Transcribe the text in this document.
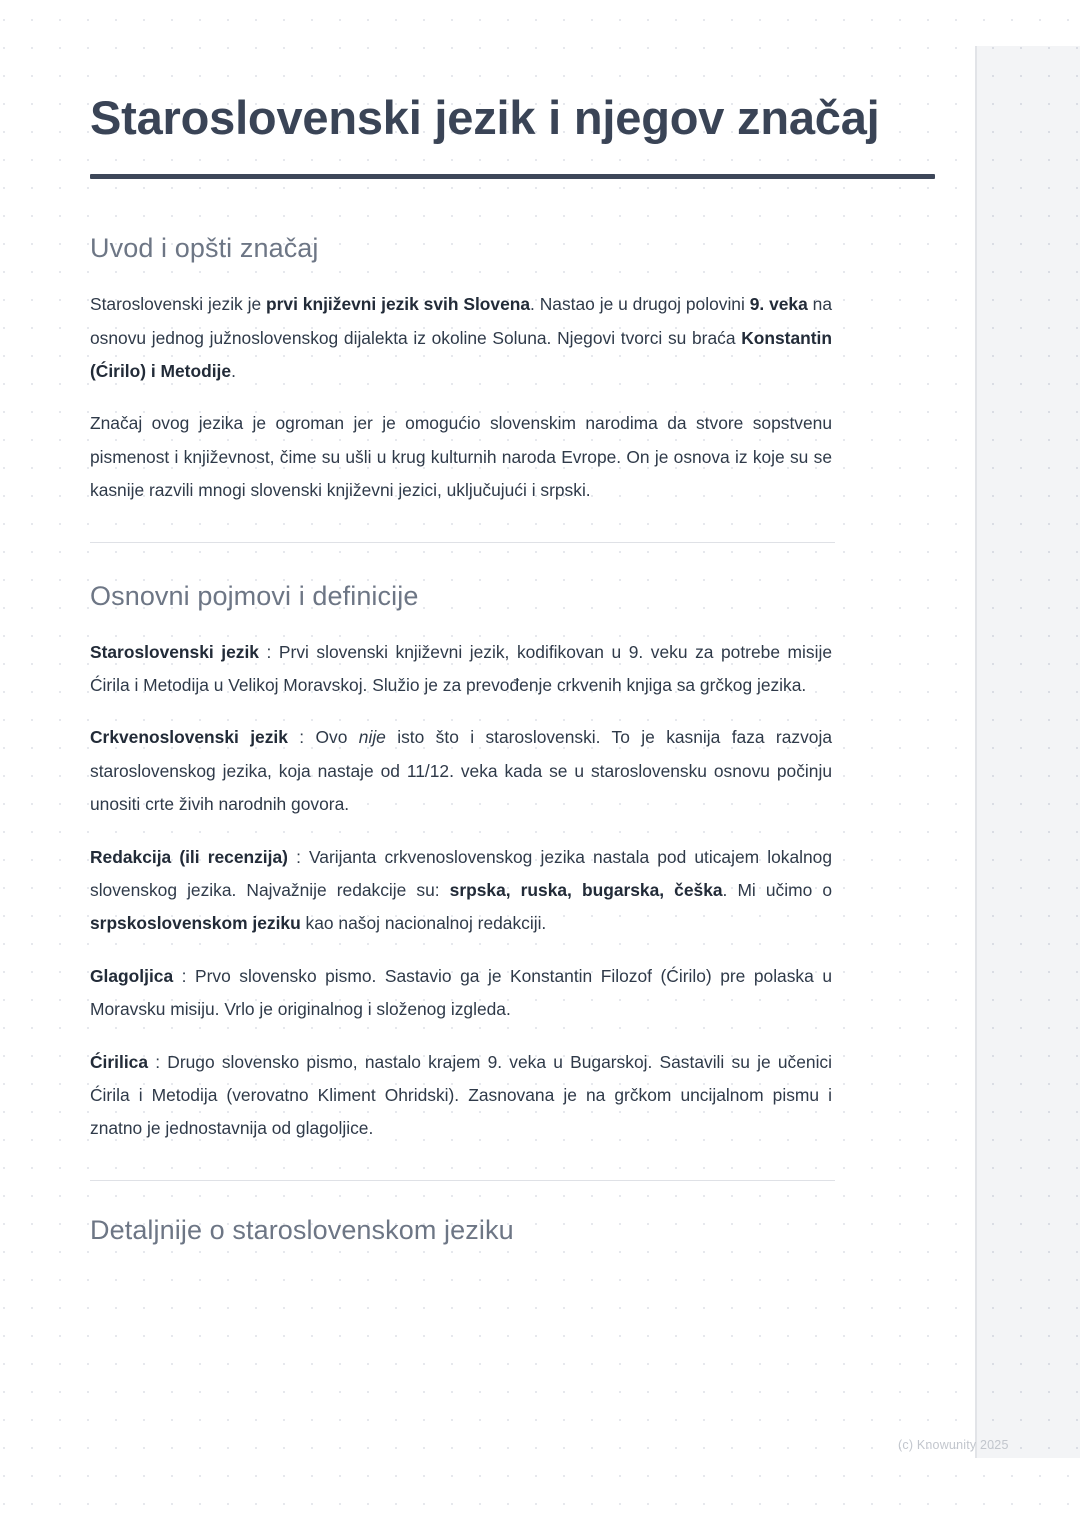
Staroslovenski jezik i njegov značaj
Uvod i opšti značaj

Staroslovenski jezik je prvi književni jezik svih Slovena. Nastao je u drugoj polovini 9. veka na osnovu jednog južnoslovenskog dijalekta iz okoline Soluna. Njegovi tvorci su braća Konstantin (Ćirilo) i Metodije.

Značaj ovog jezika je ogroman jer je omogućio slovenskim narodima da stvore sopstvenu pismenost i književnost, čime su ušli u krug kulturnih naroda Evrope. On je osnova iz koje su se kasnije razvili mnogi slovenski književni jezici, uključujući i srpski.

Osnovni pojmovi i definicije

Staroslovenski jezik : Prvi slovenski književni jezik, kodifikovan u 9. veku za potrebe misije Ćirila i Metodija u Velikoj Moravskoj. Služio je za prevođenje crkvenih knjiga sa grčkog jezika.

Crkvenoslovenski jezik : Ovo nije isto što i staroslovenski. To je kasnija faza razvoja staroslovenskog jezika, koja nastaje od 11/12. veka kada se u staroslovensku osnovu počinju unositi crte živih narodnih govora.

Redakcija (ili recenzija) : Varijanta crkvenoslovenskog jezika nastala pod uticajem lokalnog slovenskog jezika. Najvažnije redakcije su: srpska, ruska, bugarska, češka. Mi učimo o srpskoslovenskom jeziku kao našoj nacionalnoj redakciji.

Glagoljica : Prvo slovensko pismo. Sastavio ga je Konstantin Filozof (Ćirilo) pre polaska u Moravsku misiju. Vrlo je originalnog i složenog izgleda.

Ćirilica : Drugo slovensko pismo, nastalo krajem 9. veka u Bugarskoj. Sastavili su je učenici Ćirila i Metodija (verovatno Kliment Ohridski). Zasnovana je na grčkom uncijalnom pismu i znatno je jednostavnija od glagoljice.

Detaljnije o staroslovenskom jeziku
(c) Knowunity 2025
